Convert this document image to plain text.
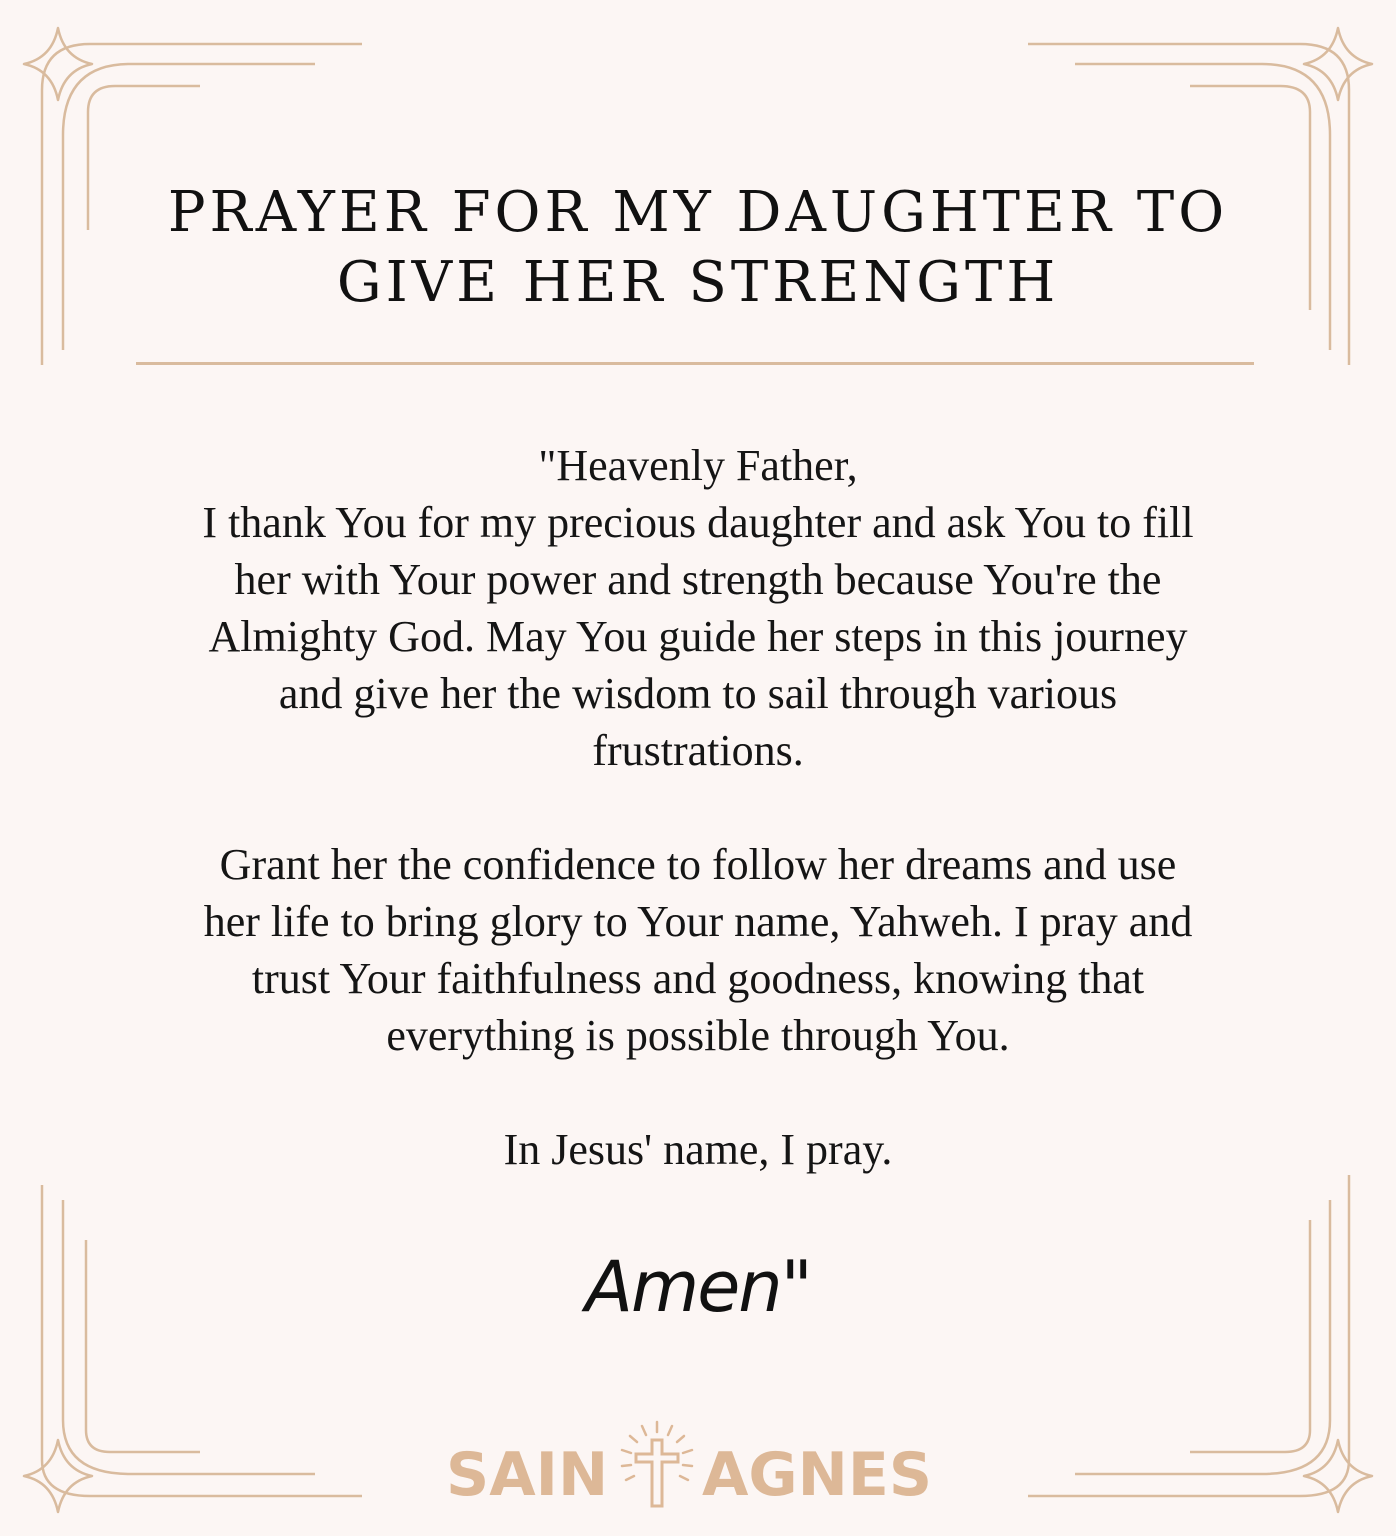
PRAYER FOR MY DAUGHTER TO
GIVE HER STRENGTH
"Heavenly Father,
I thank You for my precious daughter and ask You to fill
her with Your power and strength because You're the
Almighty God. May You guide her steps in this journey
and give her the wisdom to sail through various
frustrations.
Grant her the confidence to follow her dreams and use
her life to bring glory to Your name, Yahweh. I pray and
trust Your faithfulness and goodness, knowing that
everything is possible through You.
In Jesus' name, I pray.
Amen"
SAIN AGNES
